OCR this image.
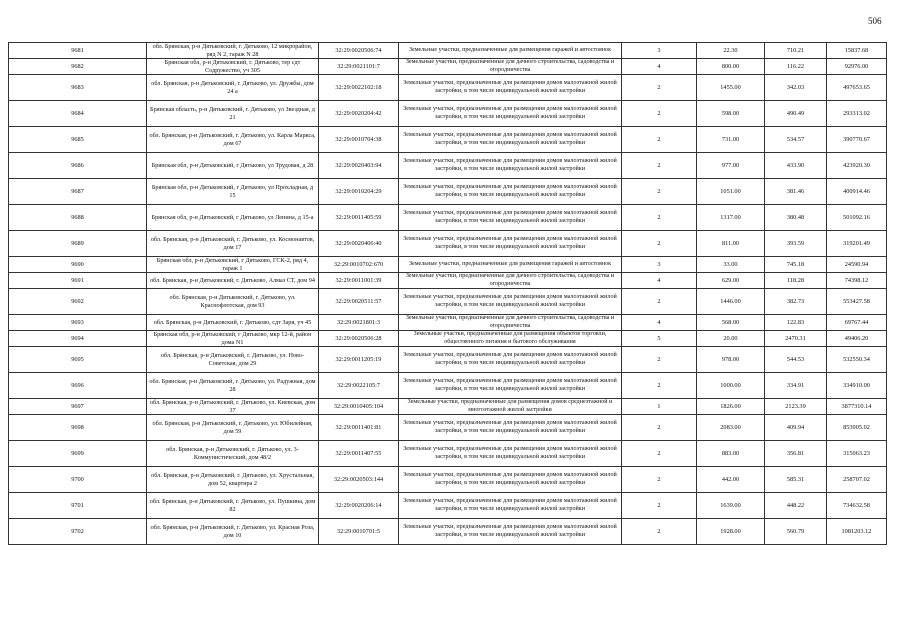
506
9681	обл. Брянская, р-н Дятьковский, г. Дятьково, 12 микрорайон, ряд N 2, гараж N 28	32:29:0020506:74	Земельные участки, предназначенные для размещения гаражей и автостоянок	3	22.30	710.21	15837.68
9682	Брянская обл, р-н Дятьковский, г. Дятьково, тер сдт Содружество, уч 305	32:29:0021101:7	Земельные участки, предназначенные для дачного строительства, садоводства и огородничества	4	800.00	116.22	92976.00
9683	обл. Брянская, р-н Дятьковский, г. Дятьково, ул. Дружбы, дом 24 а	32:29:0022102:18	Земельные участки, предназначенные для размещения домов малоэтажной жилой застройки, в том числе индивидуальной жилой застройки	2	1455.00	342.03	497653.65
9684	Брянская область, р-н Дятьковский, г. Дятьково, ул Звездная, д 21	32:29:0020204:42	Земельные участки, предназначенные для размещения домов малоэтажной жилой застройки, в том числе индивидуальной жилой застройки	2	598.00	490.49	293313.02
9685	обл. Брянская, р-н Дятьковский, г. Дятьково, ул. Карла Маркса, дом 67	32:29:0010704:38	Земельные участки, предназначенные для размещения домов малоэтажной жилой застройки, в том числе индивидуальной жилой застройки	2	731.00	534.57	390770.67
9686	Брянская обл, р-н Дятьковский, г Дятьково, ул Трудовая, д 28	32:29:0020403:94	Земельные участки, предназначенные для размещения домов малоэтажной жилой застройки, в том числе индивидуальной жилой застройки	2	977.00	433.90	423920.30
9687	Брянская обл, р-н Дятьковский, г Дятьково, ул Прохладная, д 15	32:29:0010204:29	Земельные участки, предназначенные для размещения домов малоэтажной жилой застройки, в том числе индивидуальной жилой застройки	2	1051.00	381.46	400914.46
9688	Брянская обл, р-н Дятьковский, г Дятьково, ул Ленина, д 15-а	32:29:0011405:59	Земельные участки, предназначенные для размещения домов малоэтажной жилой застройки, в том числе индивидуальной жилой застройки	2	1317.00	380.48	501092.16
9689	обл. Брянская, р-н Дятьковский, г. Дятьково, ул. Космонавтов, дом 17	32:29:0020406:40	Земельные участки, предназначенные для размещения домов малоэтажной жилой застройки, в том числе индивидуальной жилой застройки	2	811.00	393.59	319201.49
9690	Брянская обл, р-н Дятьковский, г Дятьково, ГСК-2, ряд 4, гараж 1	32:29:0010702:670	Земельные участки, предназначенные для размещения гаражей и автостоянок	3	33.00	745.18	24590.94
9691	обл. Брянская, р-н Дятьковский, г. Дятьково, Алмаз СТ, дом 94	32:29:0011001:39	Земельные участки, предназначенные для дачного строительства, садоводства и огородничества	4	629.00	118.28	74398.12
9692	обл. Брянская, р-н Дятьковский, г. Дятьково, ул. Краснофлотская, дом 93	32:29:0020511:57	Земельные участки, предназначенные для размещения домов малоэтажной жилой застройки, в том числе индивидуальной жилой застройки	2	1446.00	382.73	553427.58
9693	обл. Брянская, р-н Дятьковский, г. Дятьково, сдт Заря, уч 45	32:29:0021801:3	Земельные участки, предназначенные для дачного строительства, садоводства и огородничества	4	568.00	122.83	69767.44
9694	Брянская обл, р-н Дятьковский, г Дятьково, мкр 12-й, район дома N1	32:29:0020506:28	Земельные участки, предназначенные для размещения объектов торговли, общественного питания и бытового обслуживания	5	20.00	2470.31	49406.20
9695	обл. Брянская, р-н Дятьковский, г. Дятьково, ул. Ново-Советская, дом 29	32:29:0011205:19	Земельные участки, предназначенные для размещения домов малоэтажной жилой застройки, в том числе индивидуальной жилой застройки	2	978.00	544.53	532550.34
9696	обл. Брянская, р-н Дятьковский, г. Дятьково, ул. Радужная, дом 28	32:29:0022105:7	Земельные участки, предназначенные для размещения домов малоэтажной жилой застройки, в том числе индивидуальной жилой застройки	2	1000.00	334.91	334910.00
9697	обл. Брянская, р-н Дятьковский, г. Дятьково, ул. Киевская, дом 37	32:29:0010405:104	Земельные участки, предназначенные для размещения домов среднеэтажной и многоэтажной жилой застройки	1	1826.00	2123.39	3877310.14
9698	обл. Брянская, р-н Дятьковский, г. Дятьково, ул. Юбилейная, дом 59	32:29:0011401:81	Земельные участки, предназначенные для размещения домов малоэтажной жилой застройки, в том числе индивидуальной жилой застройки	2	2083.00	409.94	853905.02
9699	обл. Брянская, р-н Дятьковский, г. Дятьково, ул. 3-Коммунистический, дом 48/2	32:29:0011407:55	Земельные участки, предназначенные для размещения домов малоэтажной жилой застройки, в том числе индивидуальной жилой застройки	2	883.00	356.81	315063.23
9700	обл. Брянская, р-н Дятьковский, г. Дятьково, ул. Хрустальная, дом 52, квартира 2	32:29:0020503:144	Земельные участки, предназначенные для размещения домов малоэтажной жилой застройки, в том числе индивидуальной жилой застройки	2	442.00	585.31	258707.02
9701	обл. Брянская, р-н Дятьковский, г. Дятьково, ул. Пушкина, дом 82	32:29:0020206:14	Земельные участки, предназначенные для размещения домов малоэтажной жилой застройки, в том числе индивидуальной жилой застройки	2	1639.00	448.22	734632.58
9702	обл. Брянская, р-н Дятьковский, г. Дятьково, ул. Красная Роза, дом 10	32:29:0010701:5	Земельные участки, предназначенные для размещения домов малоэтажной жилой застройки, в том числе индивидуальной жилой застройки	2	1928.00	560.79	1081203.12
